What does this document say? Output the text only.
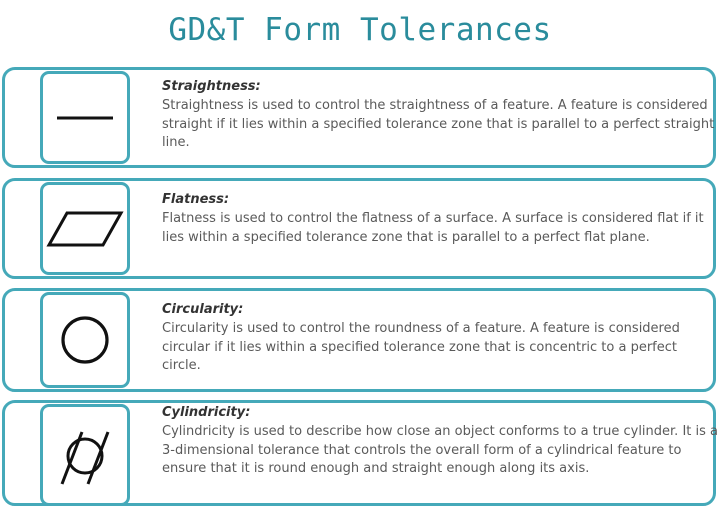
GD&T Form Tolerances
Straightness:
Straightness is used to control the straightness of a feature. A feature is considered straight if it lies within a specified tolerance zone that is parallel to a perfect straight line.
Flatness:
Flatness is used to control the flatness of a surface. A surface is considered flat if it lies within a specified tolerance zone that is parallel to a perfect flat plane.
Circularity:
Circularity is used to control the roundness of a feature. A feature is considered circular if it lies within a specified tolerance zone that is concentric to a perfect circle.
Cylindricity:
Cylindricity is used to describe how close an object conforms to a true cylinder. It is a 3-dimensional tolerance that controls the overall form of a cylindrical feature to ensure that it is round enough and straight enough along its axis.
